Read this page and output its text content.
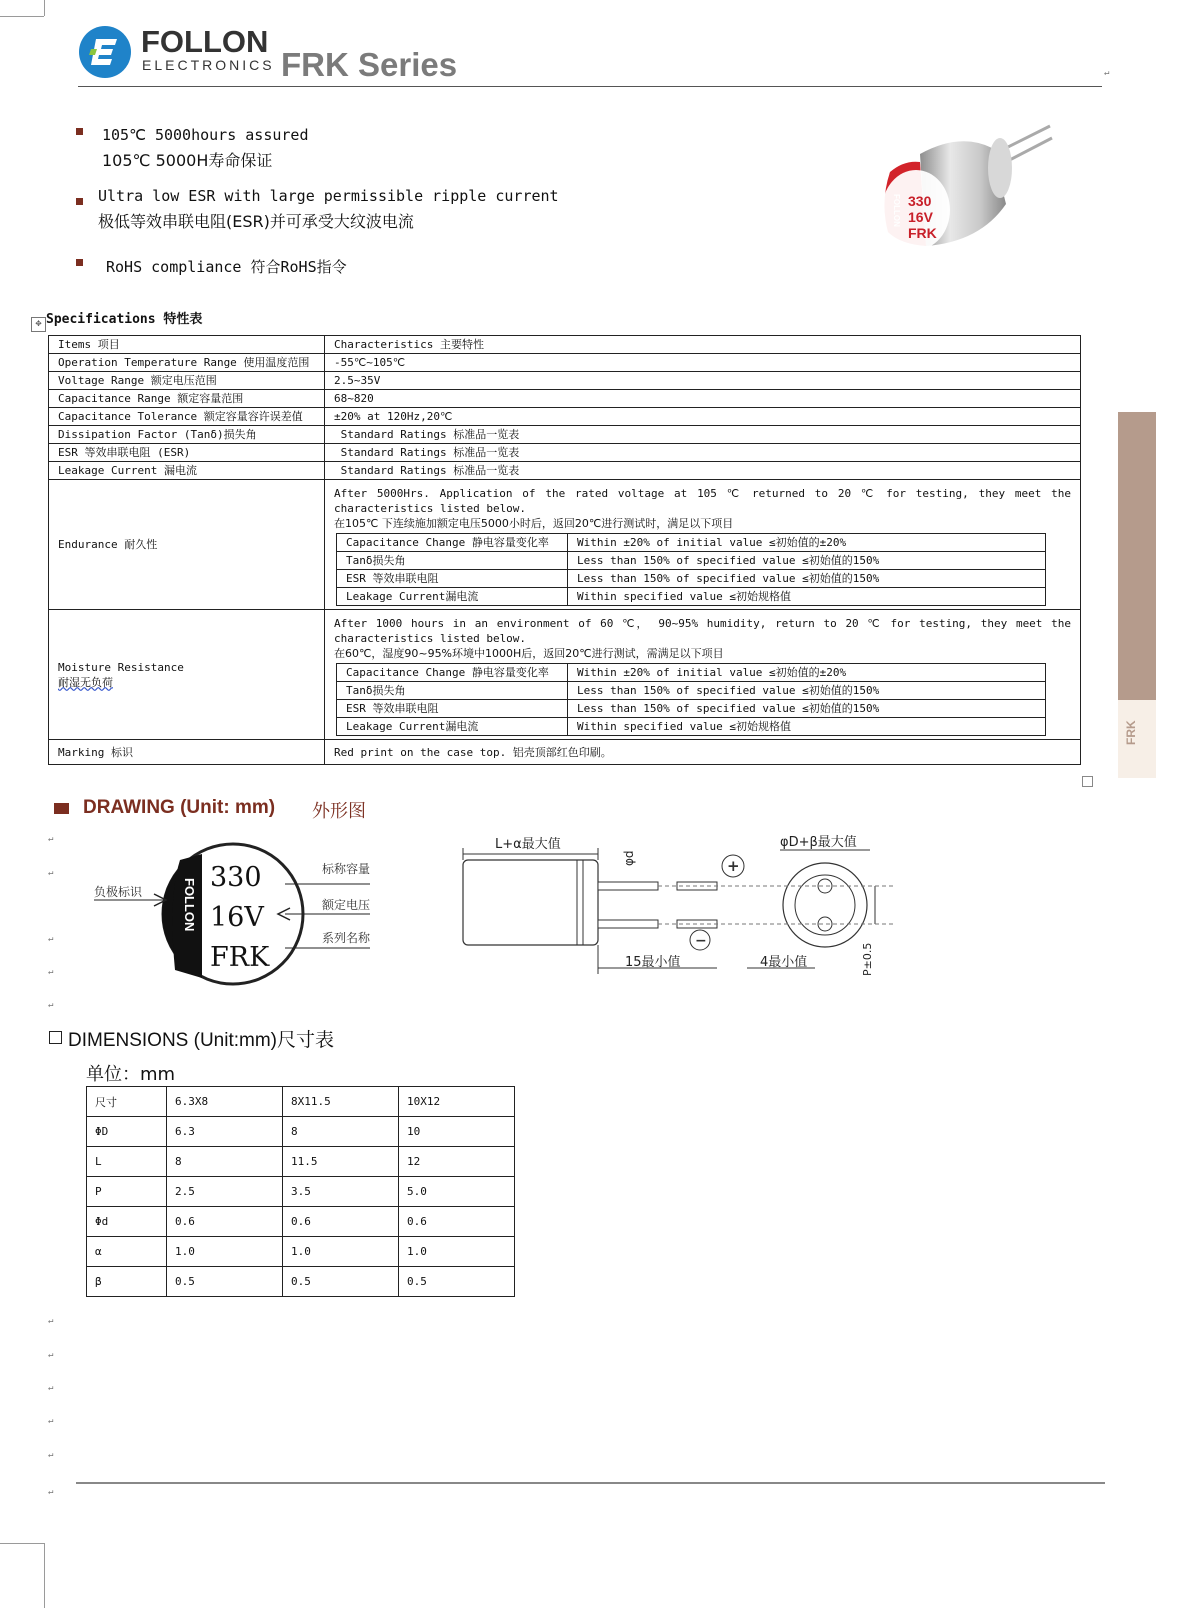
FOLLON
ELECTRONICS FRK Series	↵
105℃ 5000hours assured
105℃ 5000H寿命保证
Ultra low ESR with large permissible ripple current
极低等效串联电阻(ESR)并可承受大纹波电流
RoHS compliance 符合RoHS指令
330
16V
FRK
FOLLON
✥ Specifications 特性表
Items 项目	Characteristics 主要特性
Operation Temperature Range 使用温度范围	-55℃~105℃
Voltage Range 额定电压范围	2.5~35V
Capacitance Range 额定容量范围	68~820
Capacitance Tolerance 额定容量容许误差值	±20% at 120Hz,20℃
Dissipation Factor (Tanδ)损失角	Standard Ratings 标准品一览表
ESR 等效串联电阻 (ESR)	Standard Ratings 标准品一览表
Leakage Current 漏电流	Standard Ratings 标准品一览表
Endurance 耐久性	
After 5000Hrs. Application of the rated voltage at 105 ℃ returned to 20 ℃ for testing, they meet the
characteristics listed below.
在105℃ 下连续施加额定电压5000小时后，返回20℃进行测试时，满足以下项目
Capacitance Change 静电容量变化率	Within ±20% of initial value ≤初始值的±20%
Tanδ损失角	Less than 150% of specified value ≤初始值的150%
ESR 等效串联电阻	Less than 150% of specified value ≤初始值的150%
Leakage Current漏电流	Within specified value ≤初始规格值

Moisture Resistance
耐湿无负荷	
After 1000 hours in an environment of 60 ℃， 90~95% humidity, return to 20 ℃ for testing, they meet the
characteristics listed below.
在60℃，湿度90~95%环境中1000H后，返回20℃进行测试，需满足以下项目
Capacitance Change 静电容量变化率	Within ±20% of initial value ≤初始值的±20%
Tanδ损失角	Less than 150% of specified value ≤初始值的150%
ESR 等效串联电阻	Less than 150% of specified value ≤初始值的150%
Leakage Current漏电流	Within specified value ≤初始规格值

Marking 标识	Red print on the case top. 铝壳顶部红色印刷。
DRAWING (Unit: mm) 外形图
FOLLON
330
16V
FRK
负极标识
标称容量
额定电压
系列名称
L+α最大值
φd	+
−
15最小值	4最小值
φD+β最大值
P±0.5
DIMENSIONS (Unit:mm)尺寸表
单位：mm
尺寸	6.3X8	8X11.5	10X12
ΦD	6.3	8	10
L	8	11.5	12
P	2.5	3.5	5.0
Φd	0.6	0.6	0.6
α	1.0	1.0	1.0
β	0.5	0.5	0.5
↵
↵
↵
↵
↵
↵
↵
↵
↵
↵
↵
FRK
